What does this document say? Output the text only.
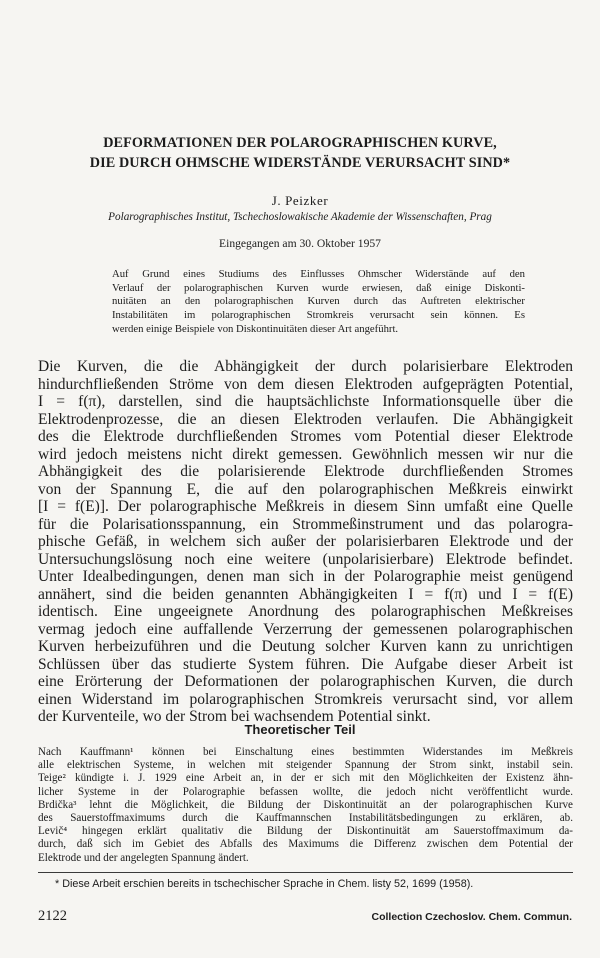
DEFORMATIONEN DER POLAROGRAPHISCHEN KURVE,
DIE DURCH OHMSCHE WIDERSTÄNDE VERURSACHT SIND*
J. Peizker
Polarographisches Institut, Tschechoslowakische Akademie der Wissenschaften, Prag
Eingegangen am 30. Oktober 1957
Auf Grund eines Studiums des Einflusses Ohmscher Widerstände auf den
Verlauf der polarographischen Kurven wurde erwiesen, daß einige Diskonti-
nuitäten an den polarographischen Kurven durch das Auftreten elektrischer
Instabilitäten im polarographischen Stromkreis verursacht sein können. Es
werden einige Beispiele von Diskontinuitäten dieser Art angeführt.
Die Kurven, die die Abhängigkeit der durch polarisierbare Elektroden
hindurchfließenden Ströme von dem diesen Elektroden aufgeprägten Potential,
I = f(π), darstellen, sind die hauptsächlichste Informationsquelle über die
Elektrodenprozesse, die an diesen Elektroden verlaufen. Die Abhängigkeit
des die Elektrode durchfließenden Stromes vom Potential dieser Elektrode
wird jedoch meistens nicht direkt gemessen. Gewöhnlich messen wir nur die
Abhängigkeit des die polarisierende Elektrode durchfließenden Stromes
von der Spannung E, die auf den polarographischen Meßkreis einwirkt
[I = f(E)]. Der polarographische Meßkreis in diesem Sinn umfaßt eine Quelle
für die Polarisationsspannung, ein Strommeßinstrument und das polarogra-
phische Gefäß, in welchem sich außer der polarisierbaren Elektrode und der
Untersuchungslösung noch eine weitere (unpolarisierbare) Elektrode befindet.
Unter Idealbedingungen, denen man sich in der Polarographie meist genügend
annähert, sind die beiden genannten Abhängigkeiten I = f(π) und I = f(E)
identisch. Eine ungeeignete Anordnung des polarographischen Meßkreises
vermag jedoch eine auffallende Verzerrung der gemessenen polarographischen
Kurven herbeizuführen und die Deutung solcher Kurven kann zu unrichtigen
Schlüssen über das studierte System führen. Die Aufgabe dieser Arbeit ist
eine Erörterung der Deformationen der polarographischen Kurven, die durch
einen Widerstand im polarographischen Stromkreis verursacht sind, vor allem
der Kurventeile, wo der Strom bei wachsendem Potential sinkt.
Theoretischer Teil
Nach Kauffmann¹ können bei Einschaltung eines bestimmten Widerstandes im Meßkreis
alle elektrischen Systeme, in welchen mit steigender Spannung der Strom sinkt, instabil sein.
Teige² kündigte i. J. 1929 eine Arbeit an, in der er sich mit den Möglichkeiten der Existenz ähn-
licher Systeme in der Polarographie befassen wollte, die jedoch nicht veröffentlicht wurde.
Brdička³ lehnt die Möglichkeit, die Bildung der Diskontinuität an der polarographischen Kurve
des Sauerstoffmaximums durch die Kauffmannschen Instabilitätsbedingungen zu erklären, ab.
Levič⁴ hingegen erklärt qualitativ die Bildung der Diskontinuität am Sauerstoffmaximum da-
durch, daß sich im Gebiet des Abfalls des Maximums die Differenz zwischen dem Potential der
Elektrode und der angelegten Spannung ändert.
* Diese Arbeit erschien bereits in tschechischer Sprache in Chem. listy 52, 1699 (1958).
2122	Collection Czechoslov. Chem. Commun.
